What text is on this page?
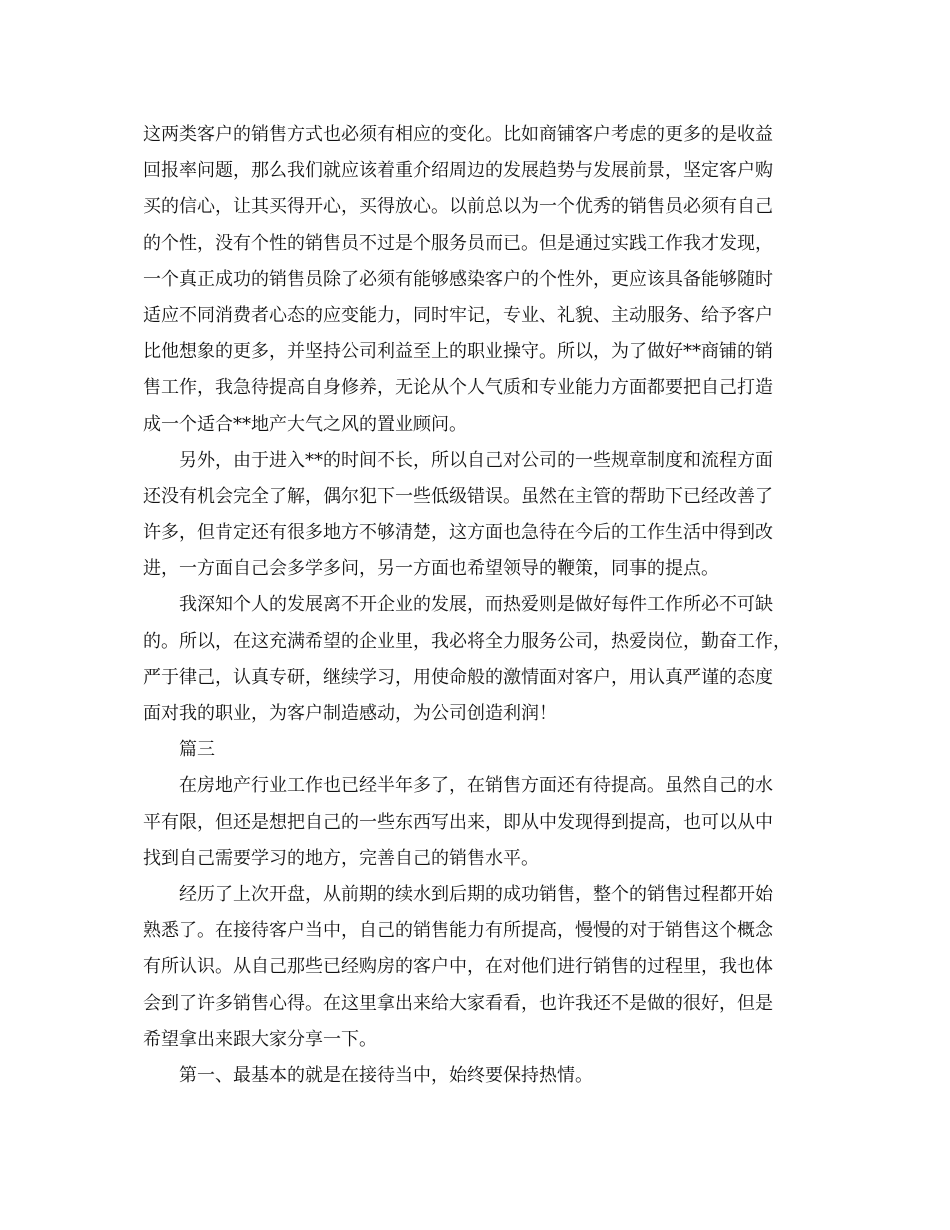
这两类客户的销售方式也必须有相应的变化。比如商铺客户考虑的更多的是收益
回报率问题，那么我们就应该着重介绍周边的发展趋势与发展前景，坚定客户购
买的信心，让其买得开心，买得放心。以前总以为一个优秀的销售员必须有自己
的个性，没有个性的销售员不过是个服务员而已。但是通过实践工作我才发现，
一个真正成功的销售员除了必须有能够感染客户的个性外，更应该具备能够随时
适应不同消费者心态的应变能力，同时牢记，专业、礼貌、主动服务、给予客户
比他想象的更多，并坚持公司利益至上的职业操守。所以，为了做好**商铺的销
售工作，我急待提高自身修养，无论从个人气质和专业能力方面都要把自己打造
成一个适合**地产大气之风的置业顾问。
另外，由于进入**的时间不长，所以自己对公司的一些规章制度和流程方面
还没有机会完全了解，偶尔犯下一些低级错误。虽然在主管的帮助下已经改善了
许多，但肯定还有很多地方不够清楚，这方面也急待在今后的工作生活中得到改
进，一方面自己会多学多问，另一方面也希望领导的鞭策，同事的提点。
我深知个人的发展离不开企业的发展，而热爱则是做好每件工作所必不可缺
的。所以，在这充满希望的企业里，我必将全力服务公司，热爱岗位，勤奋工作，
严于律己，认真专研，继续学习，用使命般的激情面对客户，用认真严谨的态度
面对我的职业，为客户制造感动，为公司创造利润！
篇三
在房地产行业工作也已经半年多了，在销售方面还有待提高。虽然自己的水
平有限，但还是想把自己的一些东西写出来，即从中发现得到提高，也可以从中
找到自己需要学习的地方，完善自己的销售水平。
经历了上次开盘，从前期的续水到后期的成功销售，整个的销售过程都开始
熟悉了。在接待客户当中，自己的销售能力有所提高，慢慢的对于销售这个概念
有所认识。从自己那些已经购房的客户中，在对他们进行销售的过程里，我也体
会到了许多销售心得。在这里拿出来给大家看看，也许我还不是做的很好，但是
希望拿出来跟大家分享一下。
第一、最基本的就是在接待当中，始终要保持热情。
